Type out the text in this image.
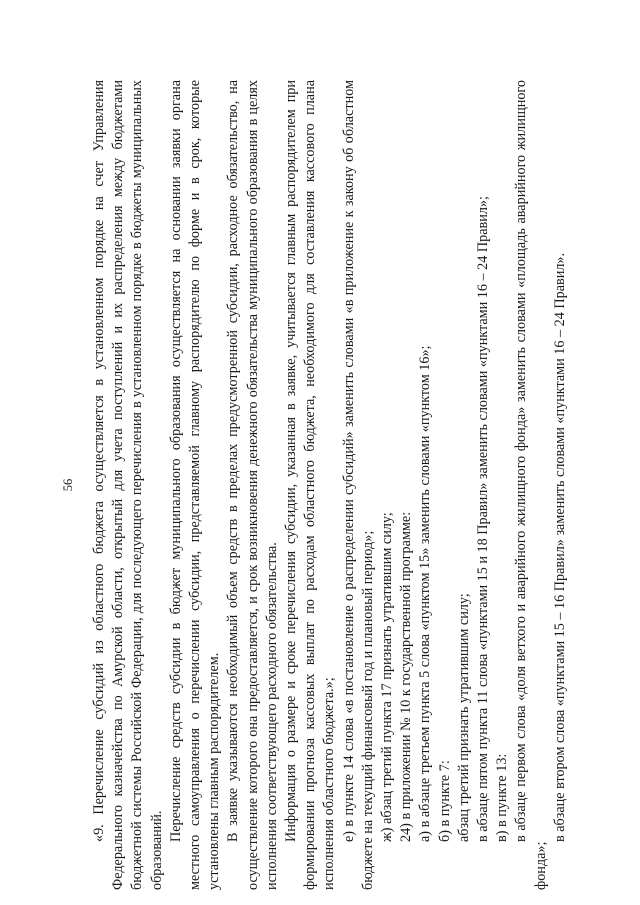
56 «9. Перечисление субсидий из областного бюджета осуществляется в установленном порядке на счет Управления Федерального казначейства по Амурской области, открытый для учета поступлений и их распределения между бюджетами бюджетной системы Российской Федерации, для последующего перечисления в установленном порядке в бюджеты муниципальных образований.

Перечисление средств субсидии в бюджет муниципального образования осуществляется на основании заявки органа местного самоуправления о перечислении субсидии, представляемой главному распорядителю по форме и в срок, которые установлены главным распорядителем. В заявке указываются необходимый объем средств в пределах предусмотренной субсидии, расходное обязательство, на осуществление которого она предоставляется, и срок возникновения денежного обязательства муниципального образования в целях исполнения соответствующего расходного обязательства. Информация о размере и сроке перечисления субсидии, указанная в заявке, учитывается главным распорядителем при формировании прогноза кассовых выплат по расходам областного бюджета, необходимого для составления кассового плана исполнения областного бюджета.»; е) в пункте 14 слова «в постановление о распределении субсидий» заменить словами «в приложение к закону об областном бюджете на текущий финансовый год и плановый период»; ж) абзац третий пункта 17 признать утратившим силу; 24) в приложении № 10 к государственной программе: а) в абзаце третьем пункта 5 слова «пунктом 15» заменить словами «пунктом 16»; б) в пункте 7: абзац третий признать утратившим силу; в абзаце пятом пункта 11 слова «пунктами 15 и 18 Правил» заменить словами «пунктами 16 – 24 Правил»; в) в пункте 13: в абзаце первом слова «доля ветхого и аварийного жилищного фонда» заменить словами «площадь аварийного жилищного фонда»;

в абзаце втором слова «пунктами 15 – 16 Правил» заменить словами «пунктами 16 – 24 Правил».
